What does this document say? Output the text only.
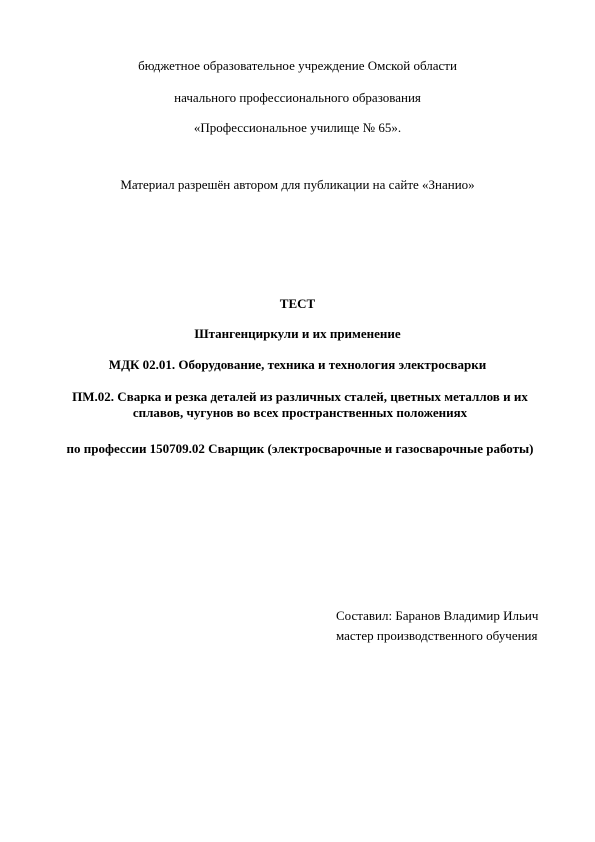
бюджетное образовательное учреждение Омской области
начального профессионального образования
«Профессиональное училище № 65».
Материал разрешён автором для публикации на сайте «Знанио»
ТЕСТ
Штангенциркули и их применение
МДК 02.01. Оборудование, техника и технология электросварки
ПМ.02. Сварка и резка деталей из различных сталей, цветных металлов и их сплавов, чугунов во всех пространственных положениях
по профессии 150709.02 Сварщик (электросварочные и газосварочные работы)
Составил: Баранов Владимир Ильич
мастер производственного обучения
